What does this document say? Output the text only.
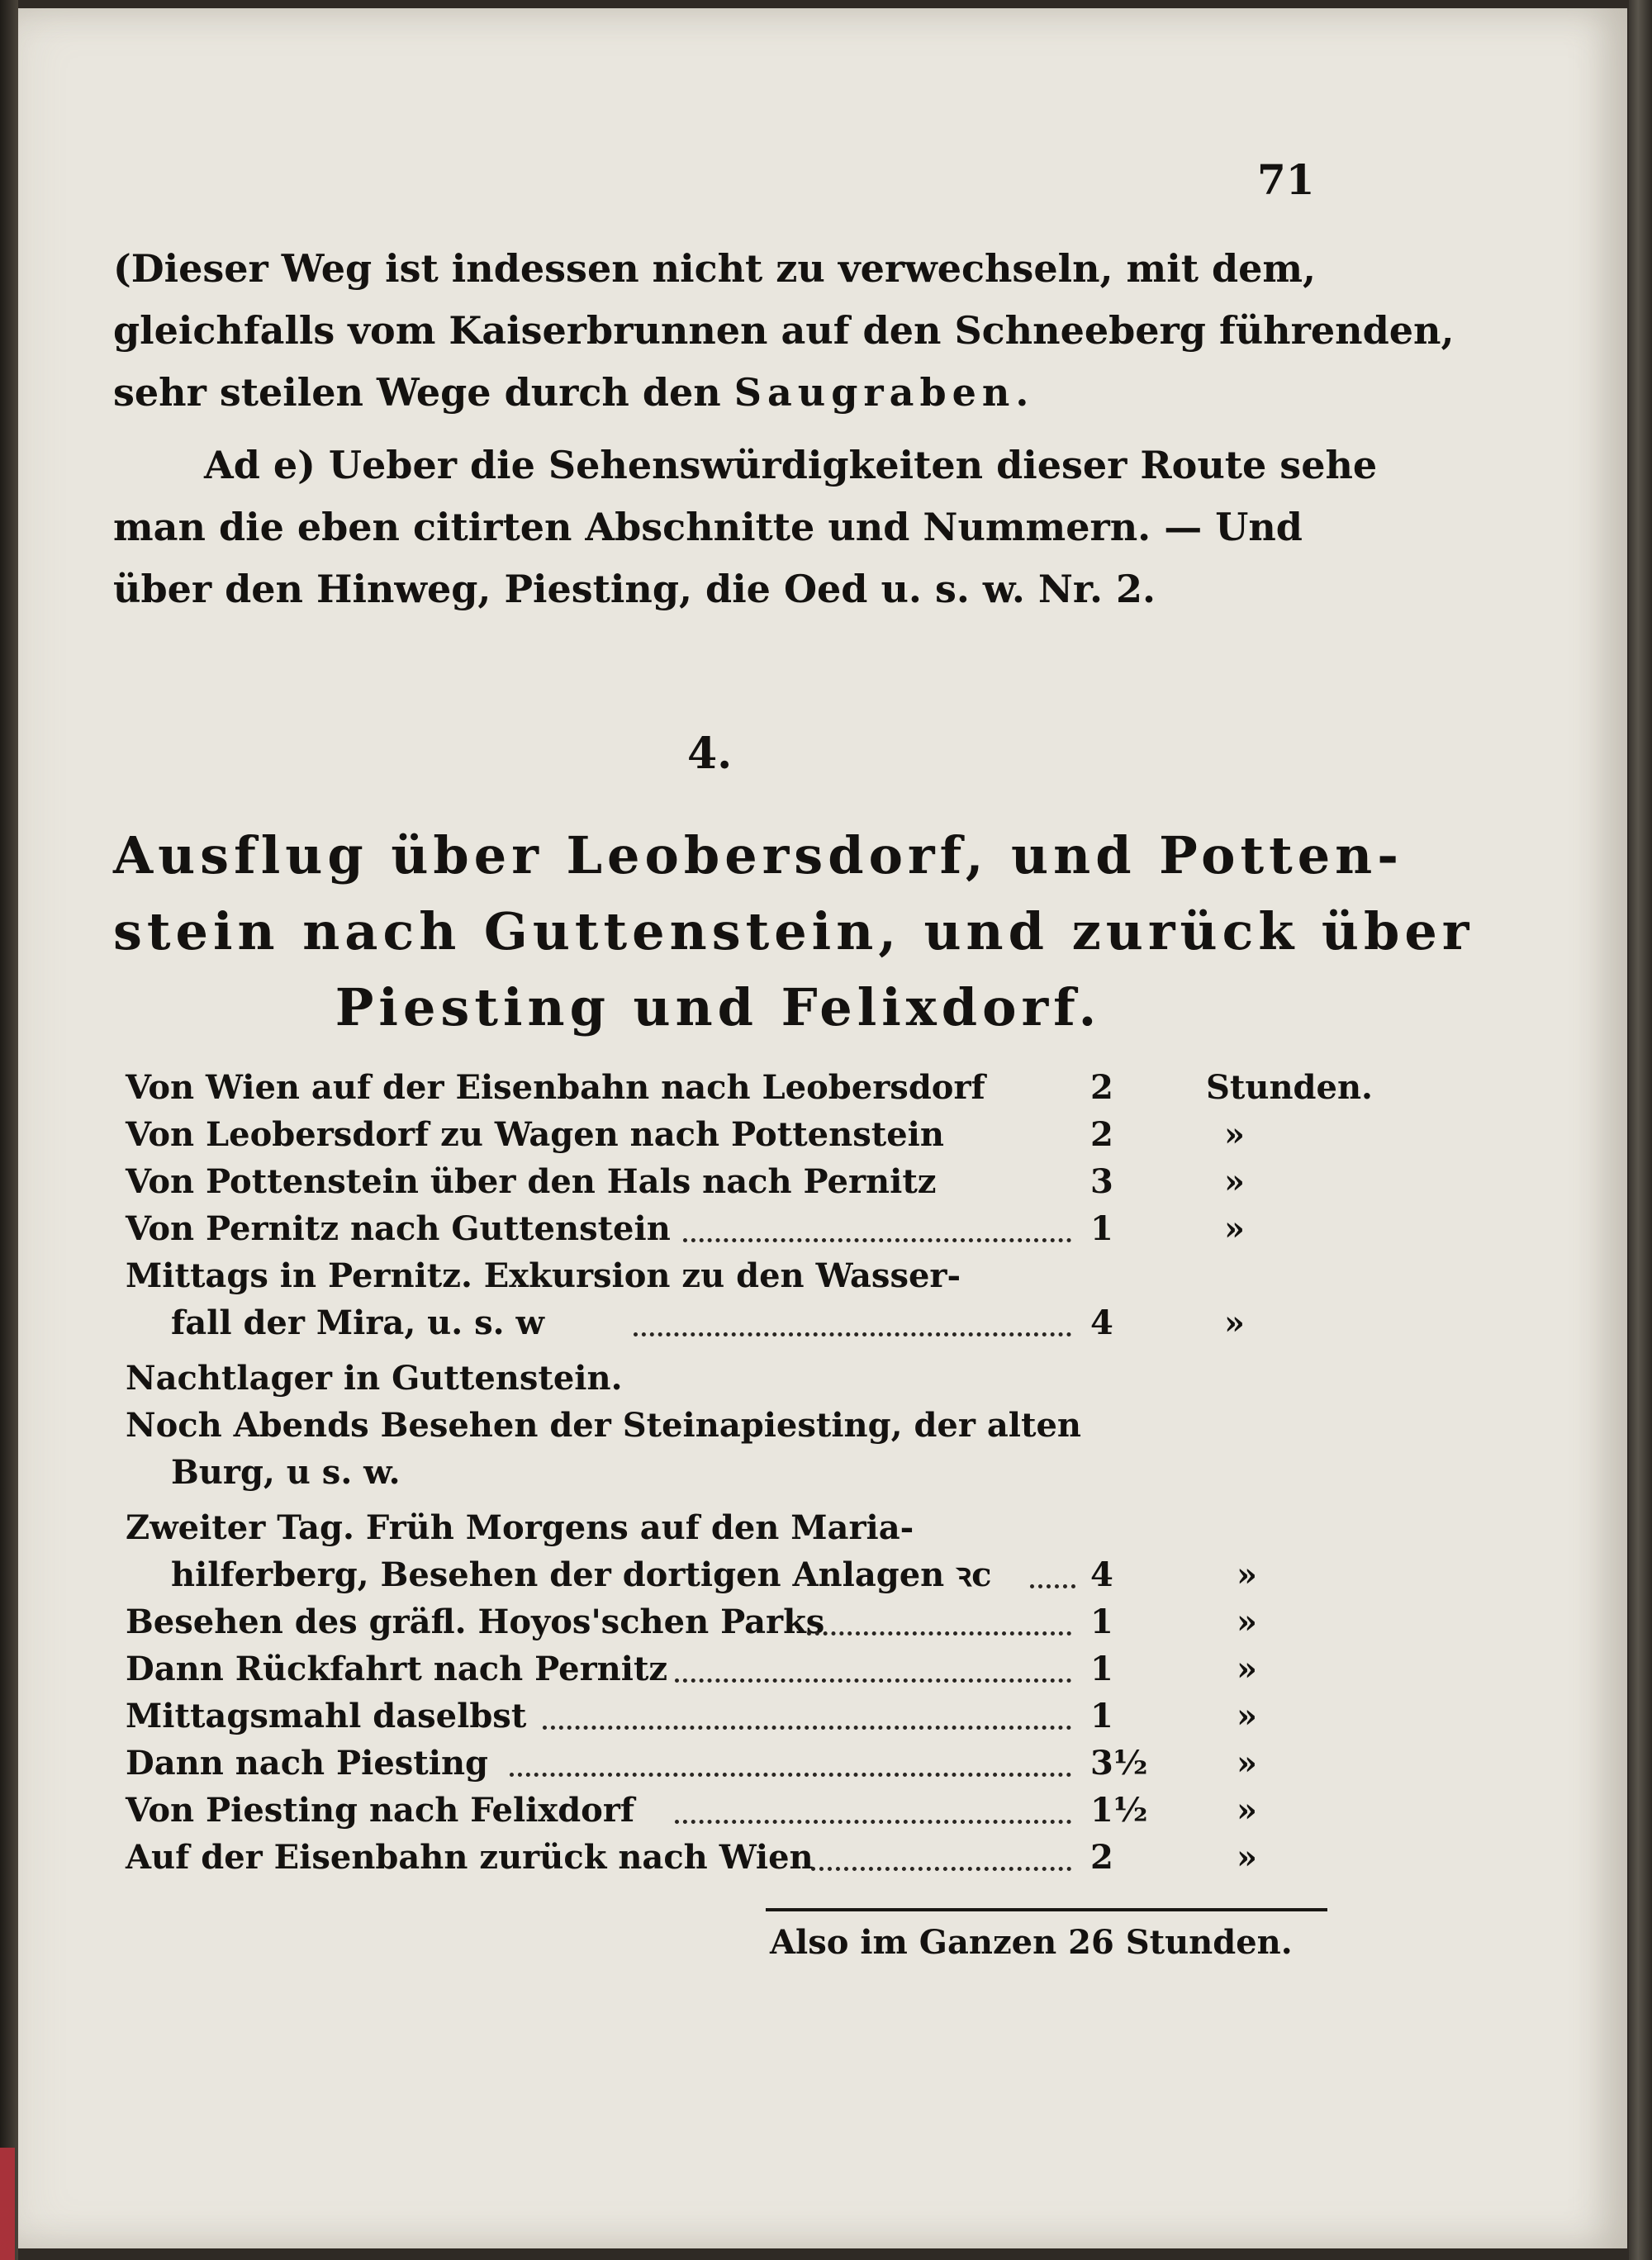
71
(Dieser Weg ist indessen nicht zu verwechseln, mit dem,
gleichfalls vom Kaiserbrunnen auf den Schneeberg führenden,
sehr steilen Wege durch den Saugraben.
Ad e) Ueber die Sehenswürdigkeiten dieser Route sehe
man die eben citirten Abschnitte und Nummern. — Und
über den Hinweg, Piesting, die Oed u. s. w. Nr. 2.
4.
Ausflug über Leobersdorf, und Potten-
stein nach Guttenstein, und zurück über
Piesting und Felixdorf.
Von Wien auf der Eisenbahn nach Leobersdorf	2	Stunden.
Von Leobersdorf zu Wagen nach Pottenstein	2	»
Von Pottenstein über den Hals nach Pernitz	3	»
Von Pernitz nach Guttenstein	1	»
Mittags in Pernitz. Exkursion zu den Wasser-
fall der Mira, u. s. w	4	»
Nachtlager in Guttenstein.
Noch Abends Besehen der Steinapiesting, der alten
Burg, u s. w.
Zweiter Tag. Früh Morgens auf den Maria-
hilferberg, Besehen der dortigen Anlagen ꝛc	4	»
Besehen des gräfl. Hoyos'schen Parks	1	»
Dann Rückfahrt nach Pernitz	1	»
Mittagsmahl daselbst	1	»
Dann nach Piesting	3½	»
Von Piesting nach Felixdorf	1½	»
Auf der Eisenbahn zurück nach Wien	2	»
Also im Ganzen 26 Stunden.
